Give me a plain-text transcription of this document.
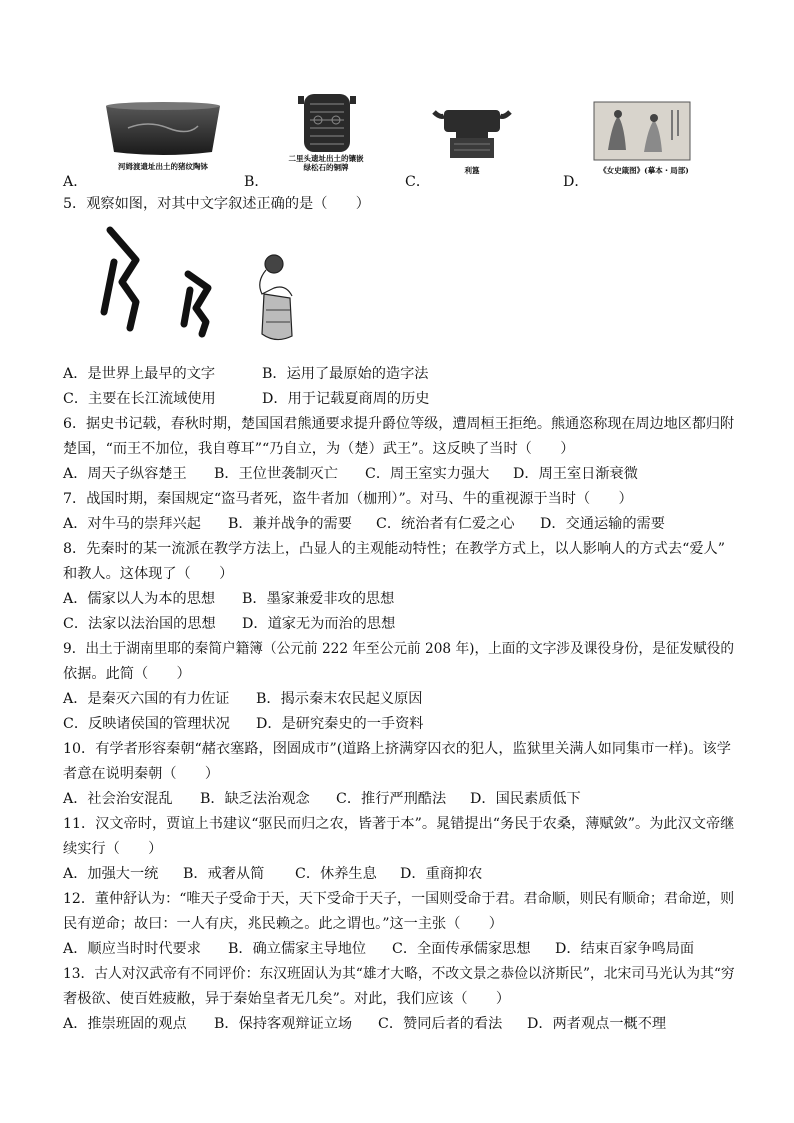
河姆渡遗址出土的猪纹陶钵
A．
二里头遗址出土的镶嵌
绿松石的铜牌
B．
利簋
C．
《女史箴图》(摹本・局部)
D．
5．观察如图，对其中文字叙述正确的是（　　）
A．是世界上最早的文字	B．运用了最原始的造字法
C．主要在长江流域使用	D．用于记载夏商周的历史
6．据史书记载，春秋时期，楚国国君熊通要求提升爵位等级，遭周桓王拒绝。熊通恣称现在周边地区都归附
楚国，“而王不加位，我自尊耳”“乃自立，为（楚）武王”。这反映了当时（　　）
A．周天子纵容楚王 B．王位世袭制灭亡 C．周王室实力强大 D．周王室日渐衰微
7．战国时期，秦国规定“盗马者死，盗牛者加（枷刑）”。对马、牛的重视源于当时（　　）
A．对牛马的崇拜兴起 B．兼并战争的需要 C．统治者有仁爱之心 D．交通运输的需要
8．先秦时的某一流派在教学方法上，凸显人的主观能动特性；在教学方式上，以人影响人的方式去“爱人”
和教人。这体现了（　　）
A．儒家以人为本的思想 B．墨家兼爱非攻的思想
C．法家以法治国的思想 D．道家无为而治的思想
9．出土于湖南里耶的秦简户籍簿（公元前 222 年至公元前 208 年)，上面的文字涉及课役身份，是征发赋役的
依据。此简（　　）
A．是秦灭六国的有力佐证 B．揭示秦末农民起义原因
C．反映诸侯国的管理状况 D．是研究秦史的一手资料
10．有学者形容秦朝“赭衣塞路，囹圄成市”(道路上挤满穿囚衣的犯人，监狱里关满人如同集市一样)。该学
者意在说明秦朝（　　）
A．社会治安混乱 B．缺乏法治观念 C．推行严刑酷法 D．国民素质低下
11．汉文帝时，贾谊上书建议“驱民而归之农，皆著于本”。晁错提出“务民于农桑，薄赋敛”。为此汉文帝继
续实行（　　）
A．加强大一统 B．戒奢从简 C．休养生息 D．重商抑农
12．董仲舒认为：“唯天子受命于天，天下受命于天子，一国则受命于君。君命顺，则民有顺命；君命逆，则
民有逆命；故曰：一人有庆，兆民赖之。此之谓也。”这一主张（　　）
A．顺应当时时代要求 B．确立儒家主导地位 C．全面传承儒家思想 D．结束百家争鸣局面
13．古人对汉武帝有不同评价：东汉班固认为其“雄才大略，不改文景之恭俭以济斯民”，北宋司马光认为其“穷
奢极欲、使百姓疲敝，异于秦始皇者无几矣”。对此，我们应该（　　）
A．推崇班固的观点 B．保持客观辩证立场 C．赞同后者的看法 D．两者观点一概不理
